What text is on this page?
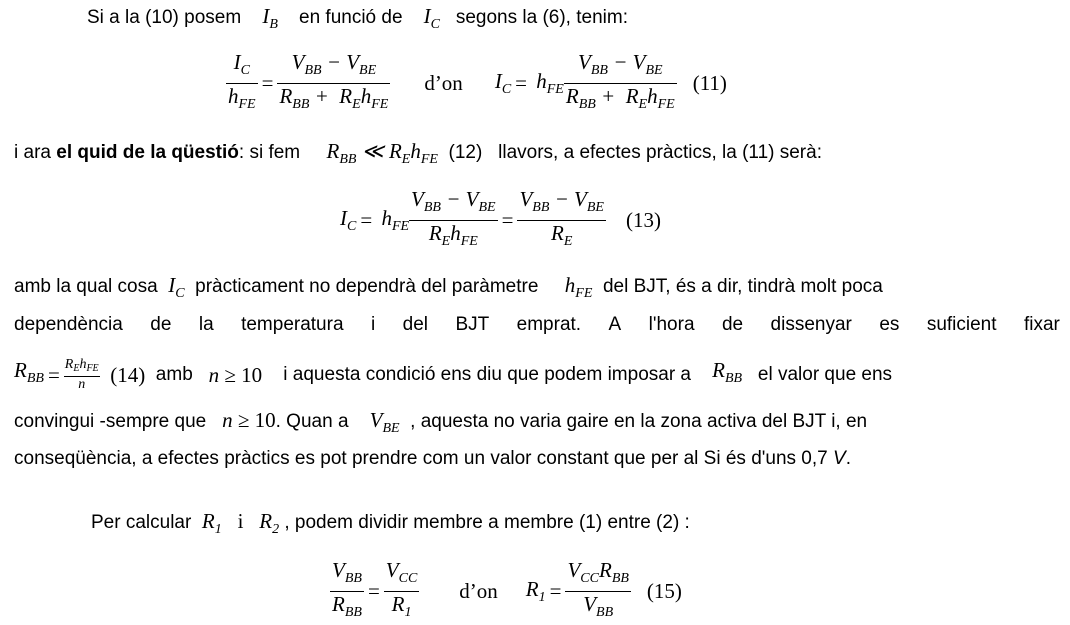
Si a la (10) posem $I_B$ en funció de $I_C$ segons la (6), tenim:
$\frac{I_C}{h_{FE}} = \frac{V_{BB} - V_{BE}}{R_{BB} + R_Eh_{FE}}$ d’on $I_C = h_{FE} \frac{V_{BB} - V_{BE}}{R_{BB} + R_Eh_{FE}} (11)$
i ara el quid de la qüestió: si fem $R_{BB}$ ≪ $R_Eh_{FE}$ (12) llavors, a efectes pràctics, la (11) serà:
$I_C = h_{FE} \frac{V_{BB} - V_{BE}}{R_Eh_{FE}} = \frac{V_{BB} - V_{BE}}{R_E} (13)$
amb la qual cosa $I_C$ pràcticament no dependrà del paràmetre $h_{FE}$ del BJT, és a dir, tindrà molt poca
dependència de la temperatura i del BJT emprat. A l'hora de dissenyar es suficient fixar
$R_{BB} = R_Eh_{FE}$
n
	(14)
amb
n
≥ 10
i aquesta condició ens diu que podem imposar a
$R_{BB}$
el valor que ens
convingui -sempre que n ≥ 10. Quan a $V_{BE}$ , aquesta no varia gaire en la zona activa del BJT i, en
conseqüència, a efectes pràctics es pot prendre com un valor constant que per al Si és d'uns 0,7 V.
Per calcular $R_1$ i $R_2$ , podem dividir membre a membre (1) entre (2) :
$\frac{V_{BB}}{R_{BB}} = \frac{V_{CC}}{R_1}$ d’on $R_1 = \frac{V_{CC}R_{BB}}{V_{BB}} (15)$
